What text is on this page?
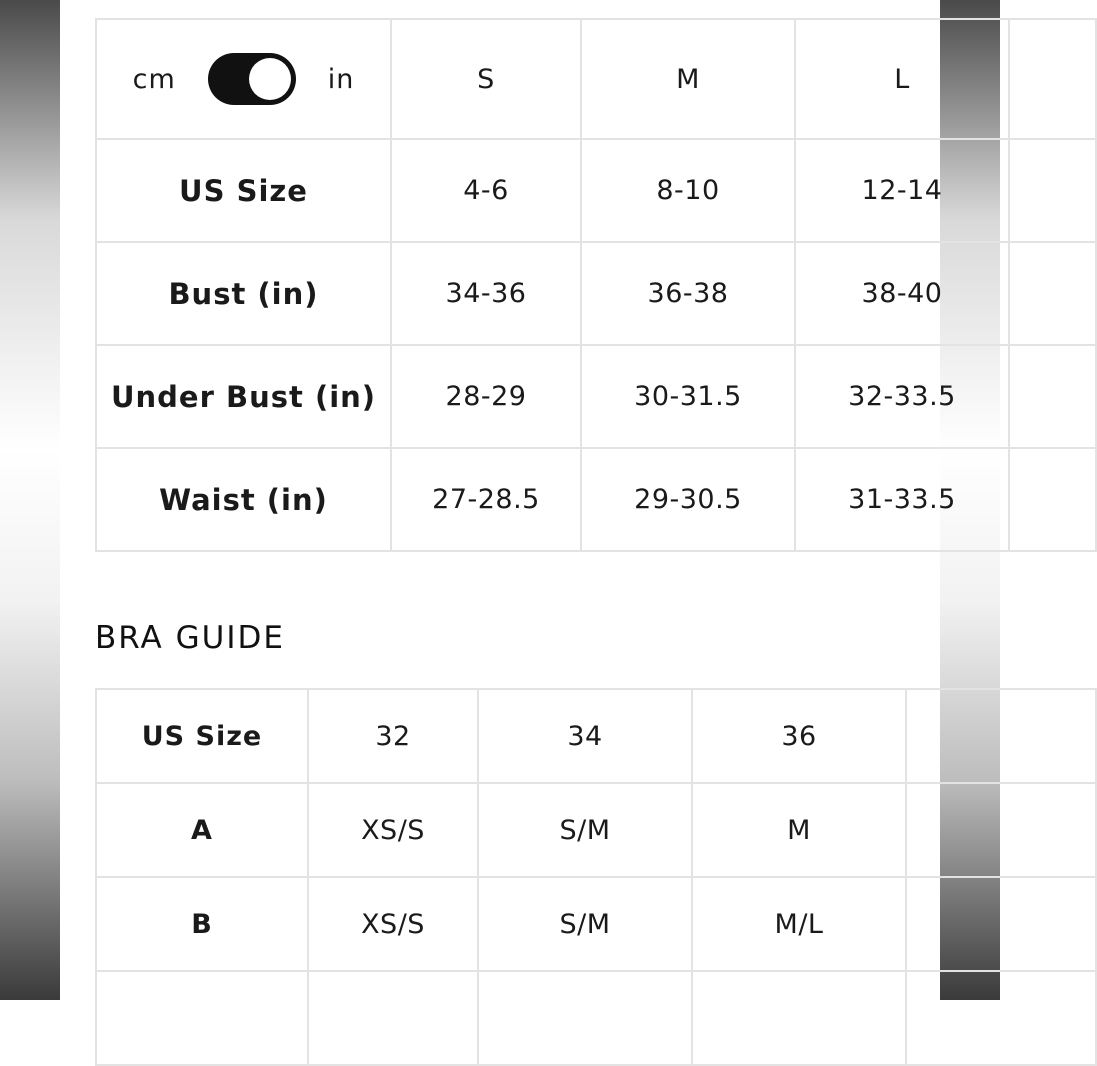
cm in	S	M	L	
US Size	4-6	8-10	12-14	
Bust (in)	34-36	36-38	38-40	
Under Bust (in)	28-29	30-31.5	32-33.5	
Waist (in)	27-28.5	29-30.5	31-33.5	
BRA GUIDE
US Size	32	34	36	
A	XS/S	S/M	M	
B	XS/S	S/M	M/L	
